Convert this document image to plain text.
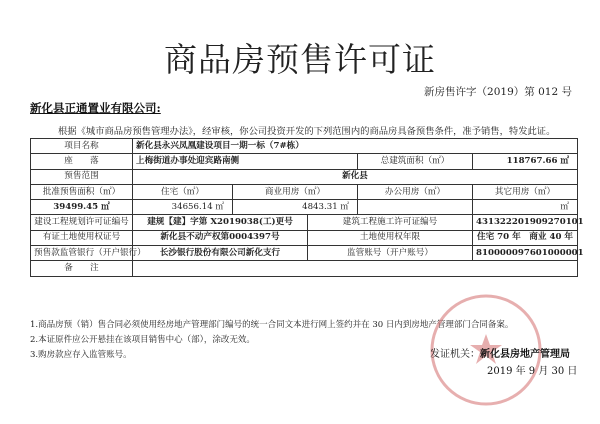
商品房预售许可证
新房售许字（2019）第 012 号
新化县正通置业有限公司:
根据《城市商品房预售管理办法》，经审核，你公司投资开发的下列范围内的商品房具备预售条件，准予销售，特发此证。
项目名称	新化县永兴凤凰建设项目一期一标（7#栋）				
座　　落	上梅街道办事处迎宾路南侧			总建筑面积（㎡）	118767.66 ㎡
预售范围	新化县				
批准预售面积（㎡）	住宅（㎡）	商业用房（㎡）		办公用房（㎡）	其它用房（㎡）
39499.45 ㎡	34656.14 ㎡	4843.31 ㎡			㎡
建设工程规划许可证编号	建规【建】字第 X2019038(工)更号		建筑工程施工许可证编号		431322201909270101
有证土地使用权证号	新化县不动产权第0004397号		土地使用权年限		住宅 70 年　商业 40 年
预售款监管银行（开户银行）	长沙银行股份有限公司新化支行		监管账号（开户账号）		810000097601000001
备　　注					
1.商品房预（销）售合同必须使用经房地产管理部门编号的统一合同文本进行网上签约并在 30 日内到房地产管理部门合同备案。
2.本证原件应公开悬挂在该项目销售中心（部），涂改无效。
3.购房款应存入监管账号。	发证机关：新化县房地产管理局
2019 年 9 月 30 日
